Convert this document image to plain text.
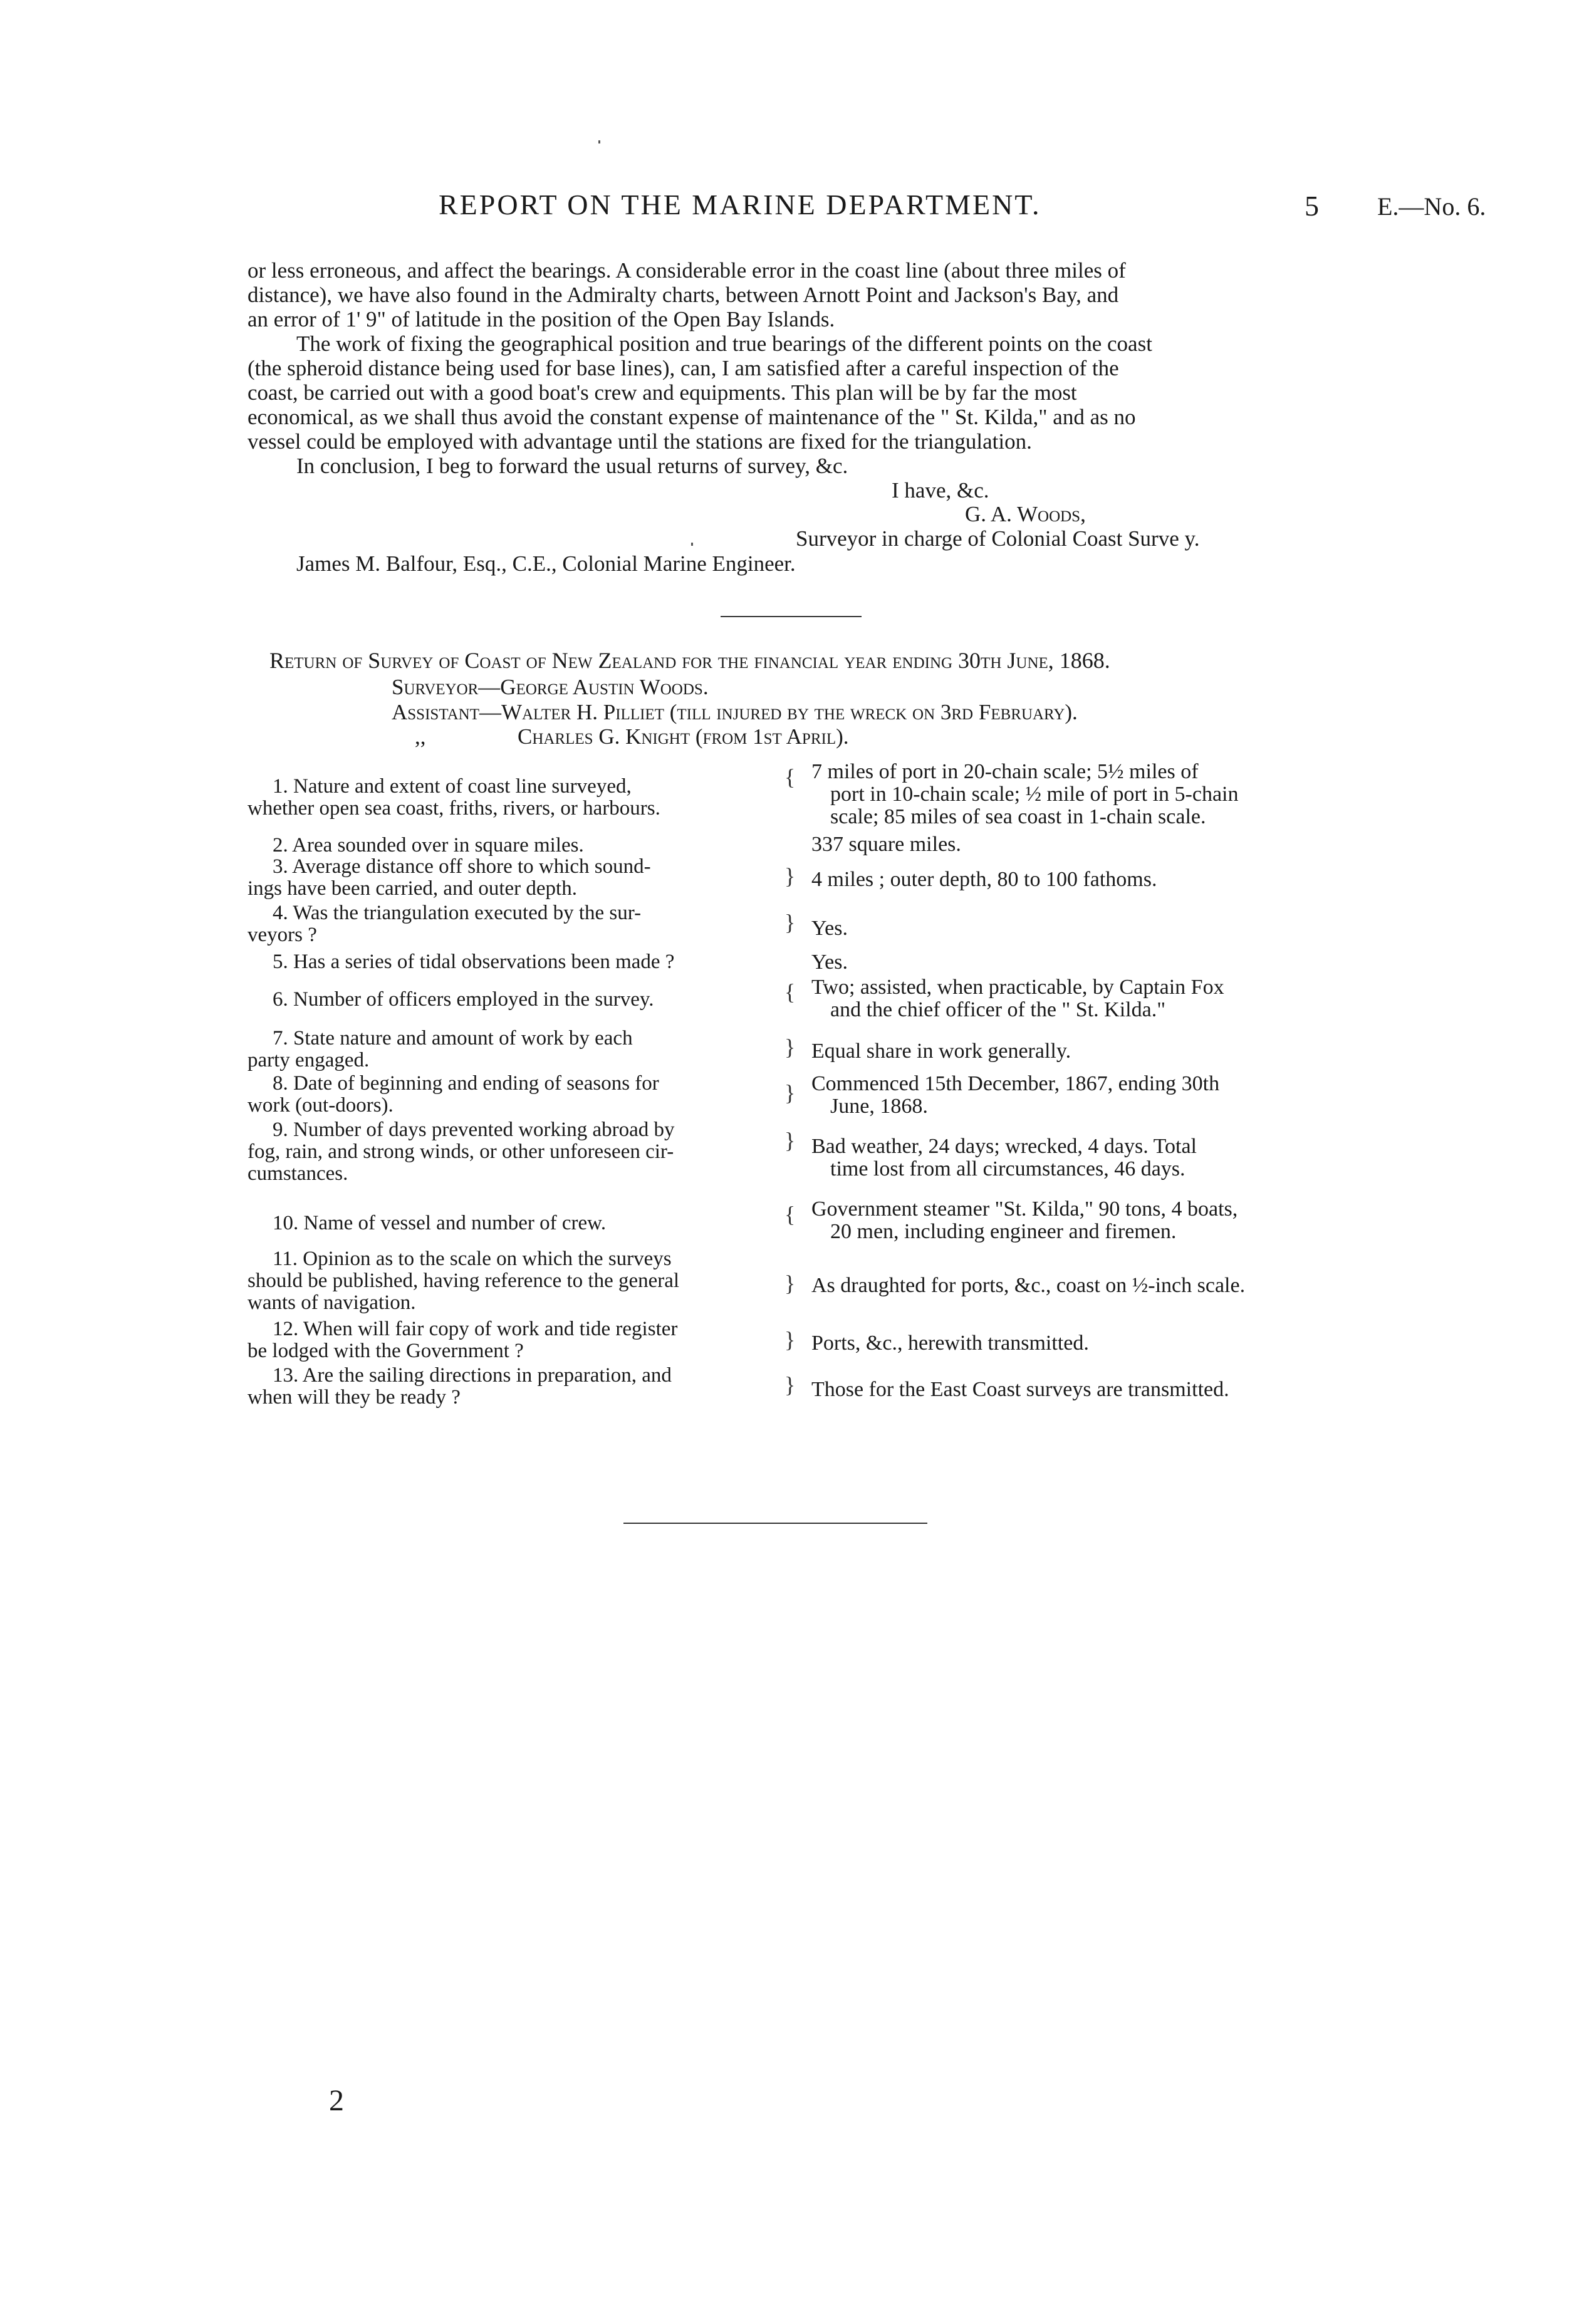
REPORT ON THE MARINE DEPARTMENT.	5 E.—No. 6.
or less erroneous, and affect the bearings. A considerable error in the coast line (about three miles of
distance), we have also found in the Admiralty charts, between Arnott Point and Jackson's Bay, and
an error of 1' 9" of latitude in the position of the Open Bay Islands.
The work of fixing the geographical position and true bearings of the different points on the coast
(the spheroid distance being used for base lines), can, I am satisfied after a careful inspection of the
coast, be carried out with a good boat's crew and equipments. This plan will be by far the most
economical, as we shall thus avoid the constant expense of maintenance of the " St. Kilda," and as no
vessel could be employed with advantage until the stations are fixed for the triangulation.
In conclusion, I beg to forward the usual returns of survey, &c.
I have, &c.
G. A. Woods,
Surveyor in charge of Colonial Coast Surve y.
James M. Balfour, Esq., C.E., Colonial Marine Engineer.
Return of Survey of Coast of New Zealand for the financial year ending 30th June, 1868.
Surveyor—George Austin Woods.
Assistant—Walter H. Pilliet (till injured by the wreck on 3rd February).
,,	Charles G. Knight (from 1st April).
1. Nature and extent of coast line surveyed,
whether open sea coast, friths, rivers, or harbours.
{ 7 miles of port in 20-chain scale; 5½ miles of
port in 10-chain scale; ½ mile of port in 5-chain
scale; 85 miles of sea coast in 1-chain scale.
2. Area sounded over in square miles.	337 square miles.
3. Average distance off shore to which sound-
ings have been carried, and outer depth.	} 4 miles ; outer depth, 80 to 100 fathoms.
4. Was the triangulation executed by the sur-
veyors ?	} Yes.
5. Has a series of tidal observations been made ?	Yes.
6. Number of officers employed in the survey.	{ Two; assisted, when practicable, by Captain Fox
and the chief officer of the " St. Kilda."
7. State nature and amount of work by each
party engaged.
} Equal share in work generally.
8. Date of beginning and ending of seasons for
work (out-doors).	} Commenced 15th December, 1867, ending 30th
June, 1868.
9. Number of days prevented working abroad by
fog, rain, and strong winds, or other unforeseen cir-
cumstances.
} Bad weather, 24 days; wrecked, 4 days. Total
time lost from all circumstances, 46 days.
10. Name of vessel and number of crew.	{ Government steamer "St. Kilda," 90 tons, 4 boats,
20 men, including engineer and firemen.
11. Opinion as to the scale on which the surveys
should be published, having reference to the general
wants of navigation.
} As draughted for ports, &c., coast on ½-inch scale.
12. When will fair copy of work and tide register
be lodged with the Government ?	} Ports, &c., herewith transmitted.
13. Are the sailing directions in preparation, and
when will they be ready ?	} Those for the East Coast surveys are transmitted.
2
